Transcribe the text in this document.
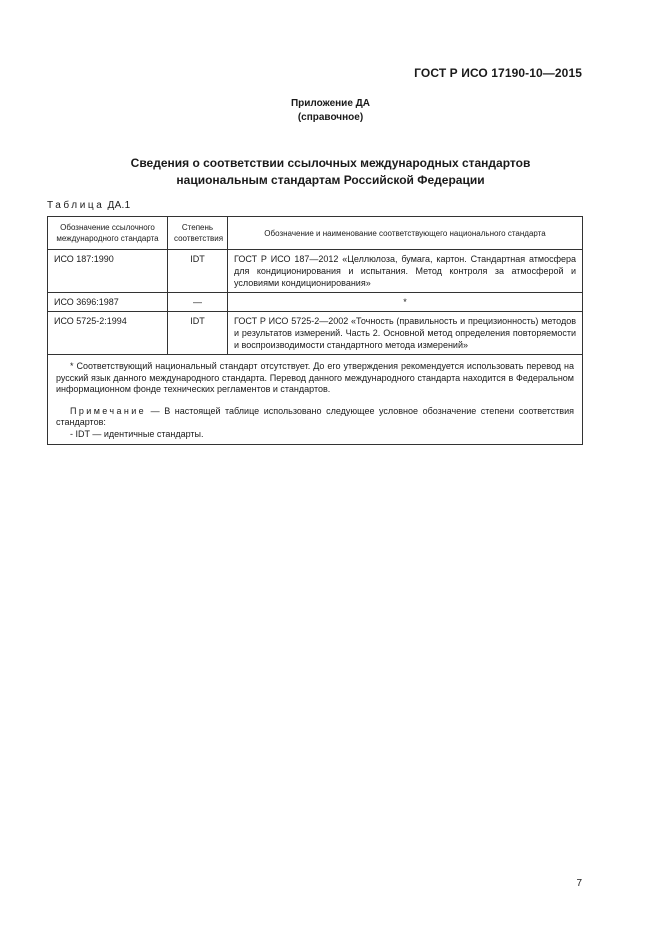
ГОСТ Р ИСО 17190-10—2015
Приложение ДА
(справочное)
Сведения о соответствии ссылочных международных стандартов
национальным стандартам Российской Федерации
Таблица ДА.1
Обозначение ссылочного международного стандарта	Степень соответствия	Обозначение и наименование соответствующего национального стандарта
ИСО 187:1990	IDT	ГОСТ Р ИСО 187—2012 «Целлюлоза, бумага, картон. Стандартная атмосфера для кондиционирования и испытания. Метод контроля за атмосферой и условиями кондиционирования»
ИСО 3696:1987	—	*
ИСО 5725-2:1994	IDT	ГОСТ Р ИСО 5725-2—2002 «Точность (правильность и прецизионность) методов и результатов измерений. Часть 2. Основной метод определения повторяемости и воспроизводимости стандартного метода измерений»

* Соответствующий национальный стандарт отсутствует. До его утверждения рекомендуется использовать перевод на русский язык данного международного стандарта. Перевод данного международного стандарта находится в Федеральном информационном фонде технических регламентов и стандартов.

Примечание — В настоящей таблице использовано следующее условное обозначение степени соответствия стандартов:

- IDT — идентичные стандарты.		

7
